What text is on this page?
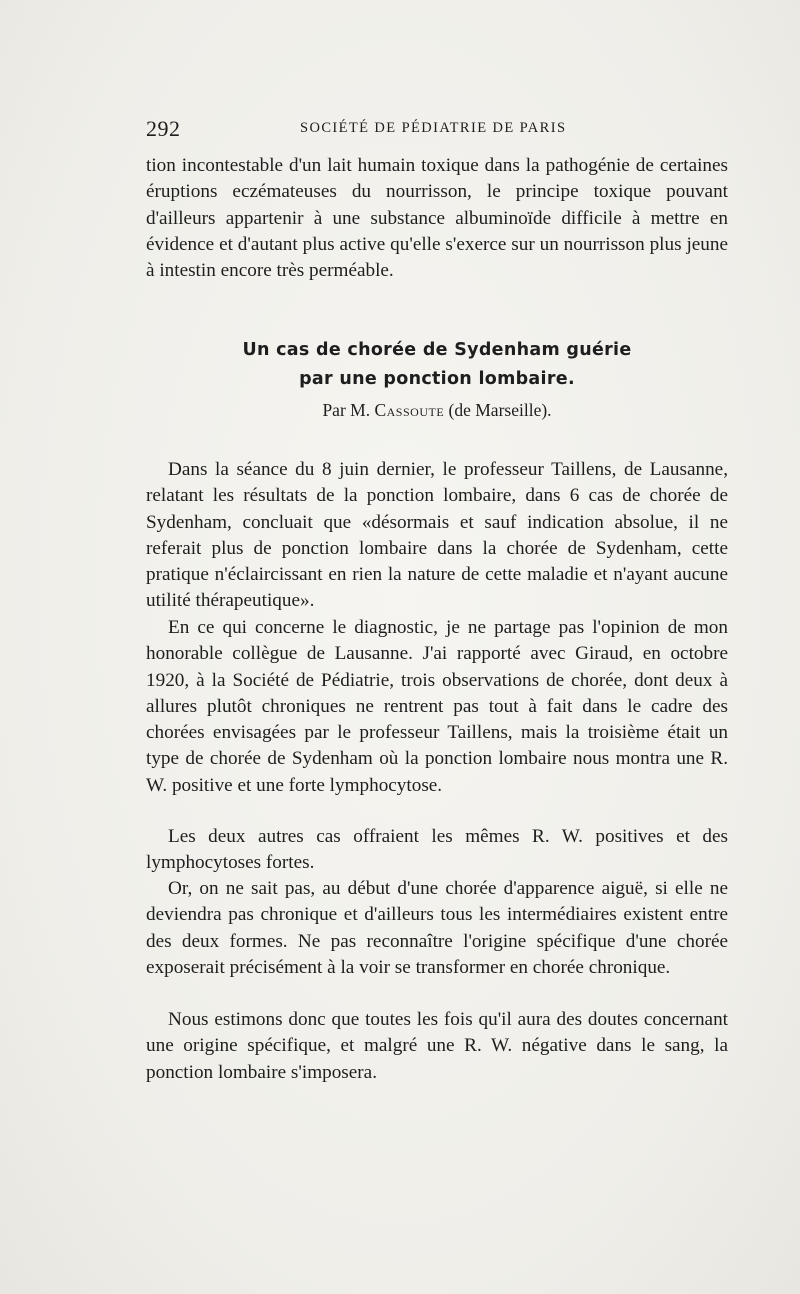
292	SOCIÉTÉ DE PÉDIATRIE DE PARIS

tion incontestable d'un lait humain toxique dans la pathogénie de certaines éruptions eczémateuses du nourrisson, le principe toxique pouvant d'ailleurs appartenir à une substance albuminoïde difficile à mettre en évidence et d'autant plus active qu'elle s'exerce sur un nourrisson plus jeune à intestin encore très perméable.

Un cas de chorée de Sydenham guérie

par une ponction lombaire.

Par M. Cassoute (de Marseille).

Dans la séance du 8 juin dernier, le professeur Taillens, de Lausanne, relatant les résultats de la ponction lombaire, dans 6 cas de chorée de Sydenham, concluait que «désormais et sauf indication absolue, il ne referait plus de ponction lombaire dans la chorée de Sydenham, cette pratique n'éclaircissant en rien la nature de cette maladie et n'ayant aucune utilité thérapeutique».

En ce qui concerne le diagnostic, je ne partage pas l'opinion de mon honorable collègue de Lausanne. J'ai rapporté avec Giraud, en octobre 1920, à la Société de Pédiatrie, trois observations de chorée, dont deux à allures plutôt chroniques ne rentrent pas tout à fait dans le cadre des chorées envisagées par le professeur Taillens, mais la troisième était un type de chorée de Sydenham où la ponction lombaire nous montra une R. W. positive et une forte lymphocytose.

Les deux autres cas offraient les mêmes R. W. positives et des lymphocytoses fortes.

Or, on ne sait pas, au début d'une chorée d'apparence aiguë, si elle ne deviendra pas chronique et d'ailleurs tous les intermédiaires existent entre des deux formes. Ne pas reconnaître l'origine spécifique d'une chorée exposerait précisément à la voir se transformer en chorée chronique.

Nous estimons donc que toutes les fois qu'il aura des doutes concernant une origine spécifique, et malgré une R. W. négative dans le sang, la ponction lombaire s'imposera.
